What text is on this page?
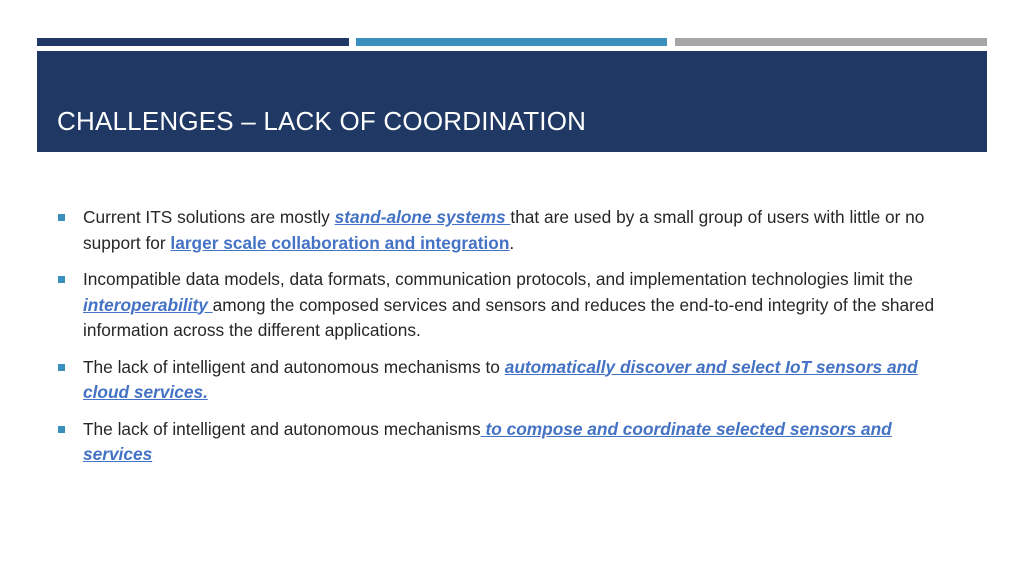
CHALLENGES – LACK OF COORDINATION
Current ITS solutions are mostly stand-alone systems that are used by a small group of users with little or no support for larger scale collaboration and integration.
Incompatible data models, data formats, communication protocols, and implementation technologies limit the interoperability among the composed services and sensors and reduces the end-to-end integrity of the shared information across the different applications.
The lack of intelligent and autonomous mechanisms to automatically discover and select IoT sensors and cloud services.
The lack of intelligent and autonomous mechanisms to compose and coordinate selected sensors and services
